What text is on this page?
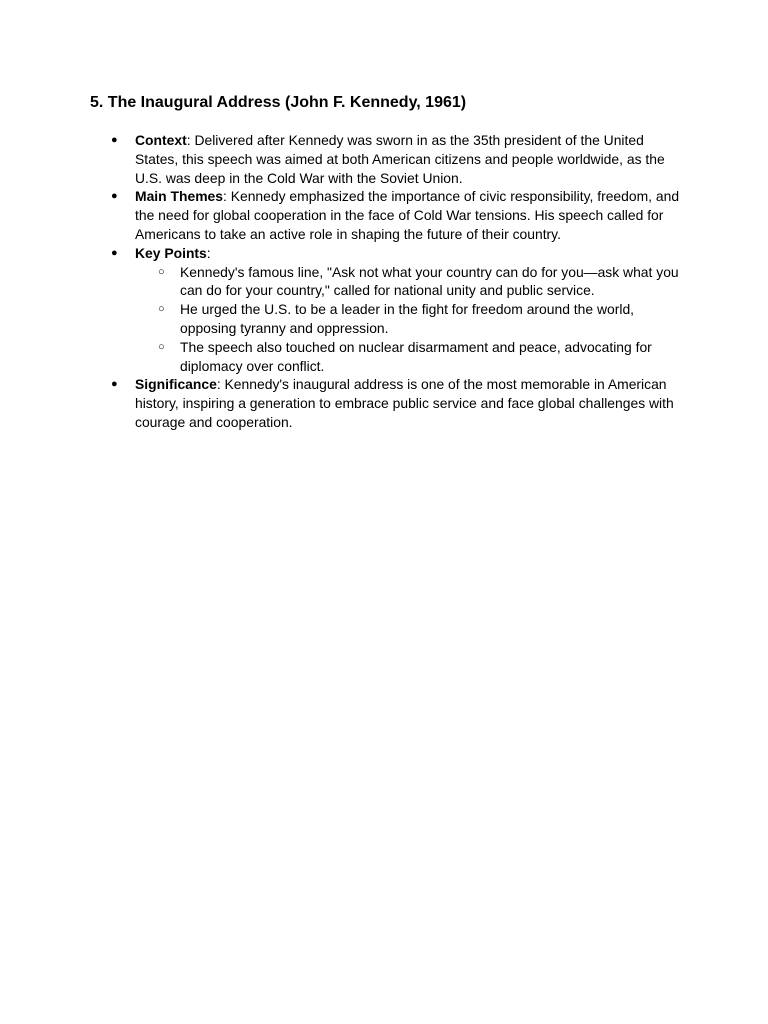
5. The Inaugural Address (John F. Kennedy, 1961)
● Context: Delivered after Kennedy was sworn in as the 35th president of the United States, this speech was aimed at both American citizens and people worldwide, as the U.S. was deep in the Cold War with the Soviet Union.
● Main Themes: Kennedy emphasized the importance of civic responsibility, freedom, and the need for global cooperation in the face of Cold War tensions. His speech called for Americans to take an active role in shaping the future of their country.
● Key Points:
○ Kennedy's famous line, "Ask not what your country can do for you—ask what you can do for your country," called for national unity and public service.
○ He urged the U.S. to be a leader in the fight for freedom around the world, opposing tyranny and oppression.
○ The speech also touched on nuclear disarmament and peace, advocating for diplomacy over conflict.
● Significance: Kennedy's inaugural address is one of the most memorable in American history, inspiring a generation to embrace public service and face global challenges with courage and cooperation.
